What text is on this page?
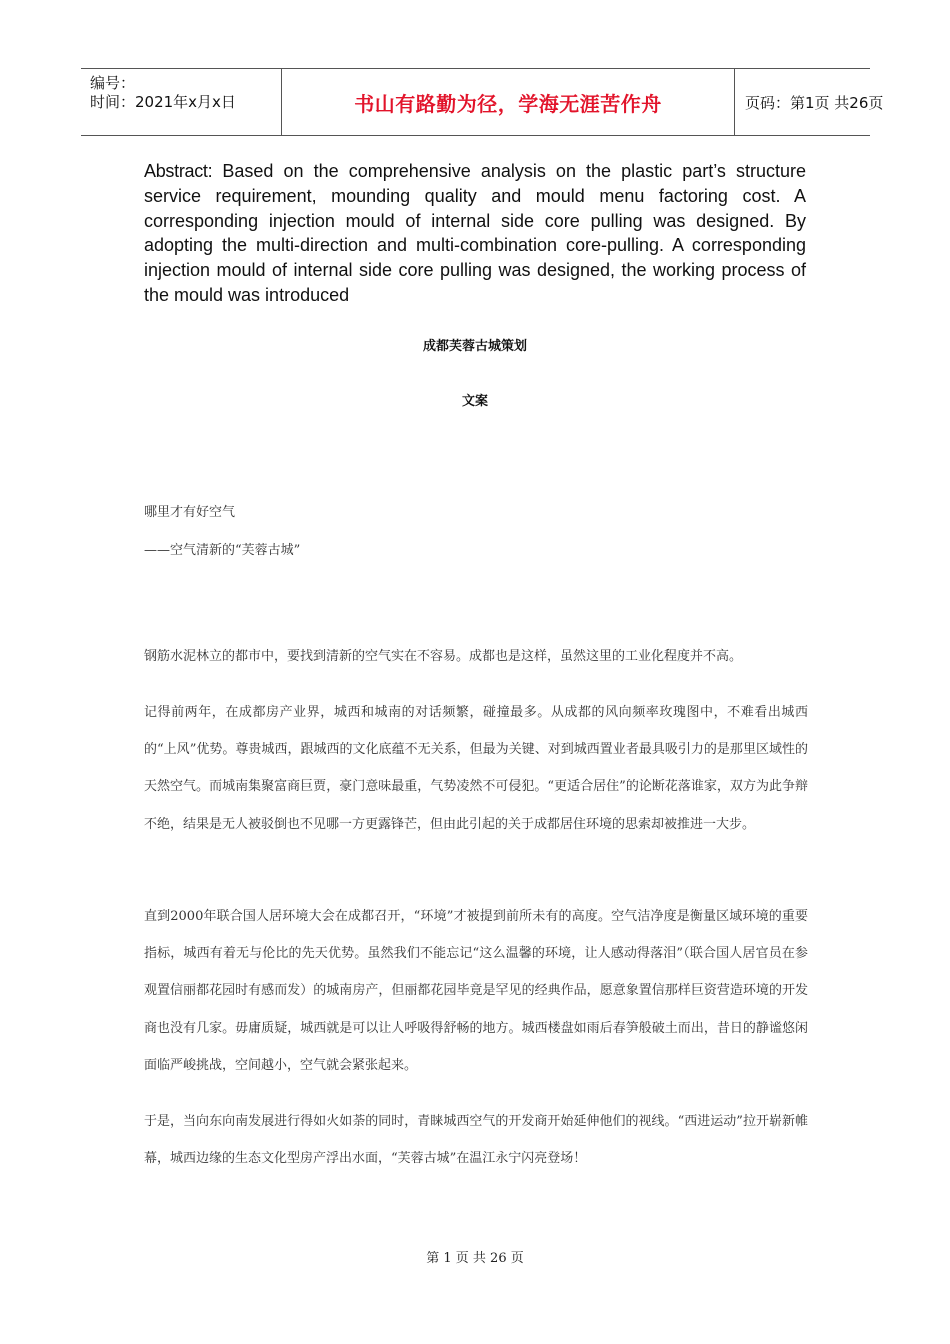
编号：
时间：2021年x月x日	书山有路勤为径，学海无涯苦作舟	页码：第1页 共26页

Abstract: Based on the comprehensive analysis on the plastic part’s structure service requirement, mounding quality and mould menu factoring cost. A corresponding injection mould of internal side core pulling was designed. By adopting the multi-direction and multi-combination core-pulling. A corresponding injection mould of internal side core pulling was designed, the working process of the mould was introduced

成都芙蓉古城策划
文案
哪里才有好空气
——空气清新的“芙蓉古城”

钢筋水泥林立的都市中，要找到清新的空气实在不容易。成都也是这样，虽然这里的工业化程度并不高。

记得前两年，在成都房产业界，城西和城南的对话频繁，碰撞最多。从成都的风向频率玫瑰图中，不难看出城西的“上风”优势。尊贵城西，跟城西的文化底蕴不无关系，但最为关键、对到城西置业者最具吸引力的是那里区域性的天然空气。而城南集聚富商巨贾，豪门意味最重，气势凌然不可侵犯。“更适合居住”的论断花落谁家，双方为此争辩不绝，结果是无人被驳倒也不见哪一方更露锋芒，但由此引起的关于成都居住环境的思索却被推进一大步。

直到2000年联合国人居环境大会在成都召开，“环境”才被提到前所未有的高度。空气洁净度是衡量区域环境的重要指标，城西有着无与伦比的先天优势。虽然我们不能忘记“这么温馨的环境，让人感动得落泪”（联合国人居官员在参观置信丽都花园时有感而发）的城南房产，但丽都花园毕竟是罕见的经典作品，愿意象置信那样巨资营造环境的开发商也没有几家。毋庸质疑，城西就是可以让人呼吸得舒畅的地方。城西楼盘如雨后春笋般破土而出，昔日的静谧悠闲面临严峻挑战，空间越小，空气就会紧张起来。

于是，当向东向南发展进行得如火如荼的同时，青睐城西空气的开发商开始延伸他们的视线。“西进运动”拉开崭新帷幕，城西边缘的生态文化型房产浮出水面，“芙蓉古城”在温江永宁闪亮登场！

第 1 页 共 26 页
